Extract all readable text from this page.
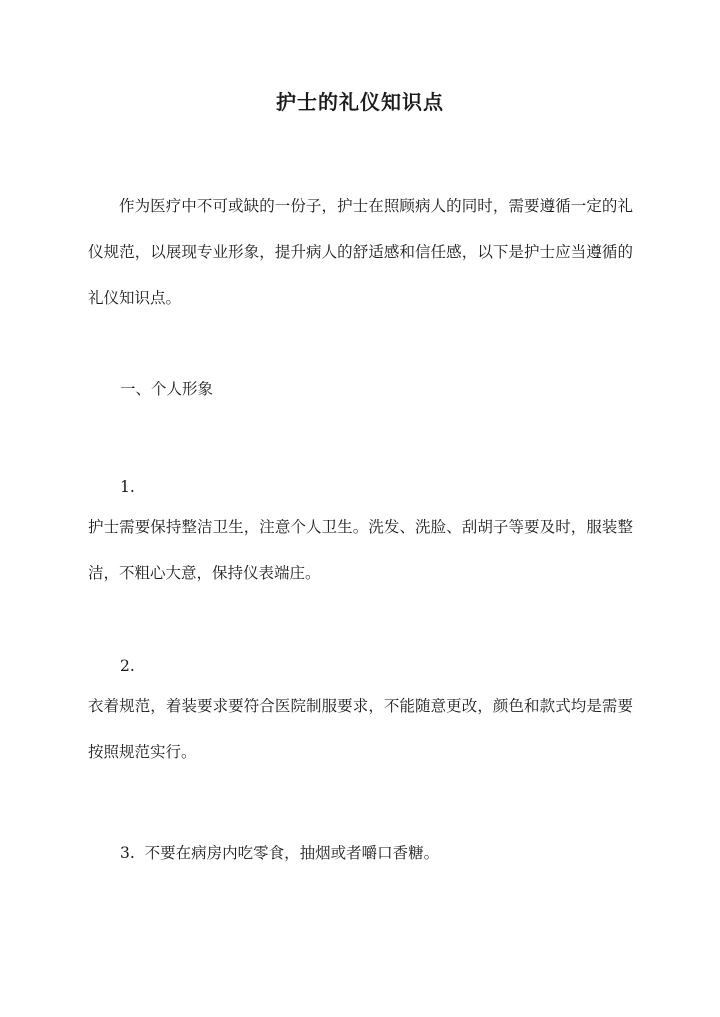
护士的礼仪知识点

作为医疗中不可或缺的一份子，护士在照顾病人的同时，需要遵循一定的礼仪规范，以展现专业形象，提升病人的舒适感和信任感，以下是护士应当遵循的礼仪知识点。

一、个人形象

1.

护士需要保持整洁卫生，注意个人卫生。洗发、洗脸、刮胡子等要及时，服装整洁，不粗心大意，保持仪表端庄。

2.

衣着规范，着装要求要符合医院制服要求，不能随意更改，颜色和款式均是需要按照规范实行。

3.  不要在病房内吃零食，抽烟或者嚼口香糖。
